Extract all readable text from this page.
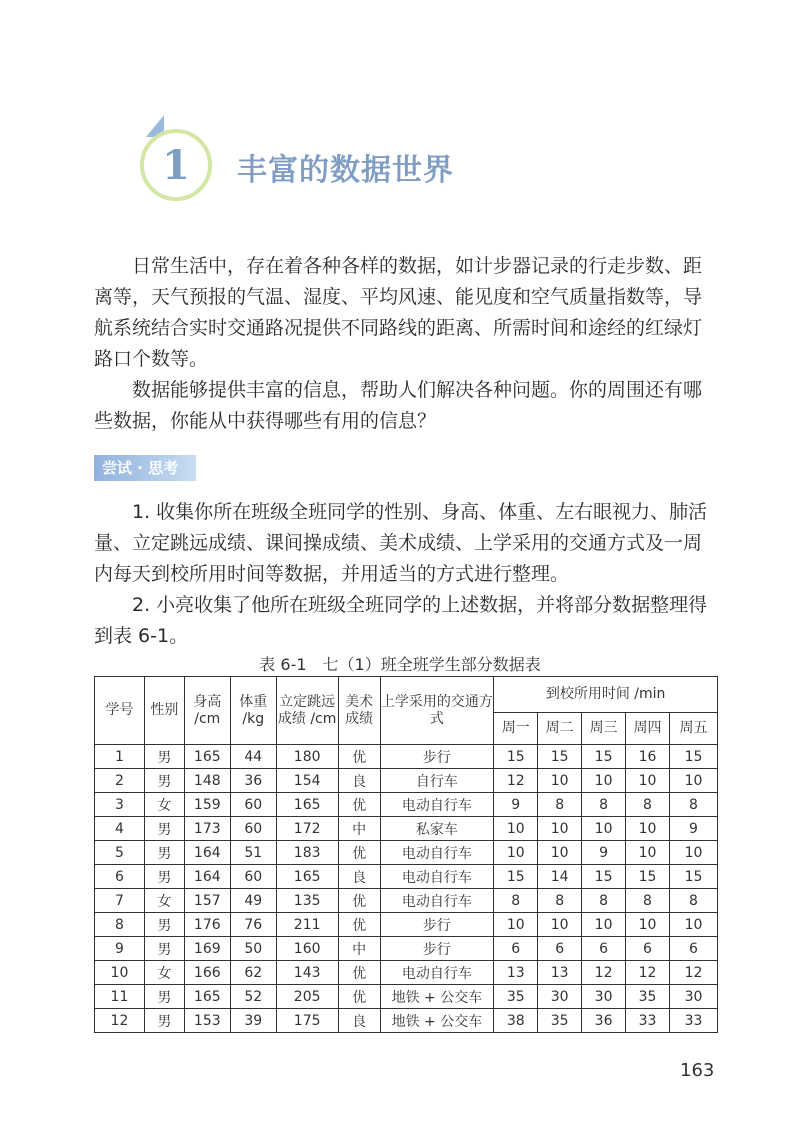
1 丰富的数据世界

日常生活中，存在着各种各样的数据，如计步器记录的行走步数、距离等，天气预报的气温、湿度、平均风速、能见度和空气质量指数等，导航系统结合实时交通路况提供不同路线的距离、所需时间和途经的红绿灯路口个数等。

数据能够提供丰富的信息，帮助人们解决各种问题。你的周围还有哪些数据，你能从中获得哪些有用的信息？

尝试 · 思考

1. 收集你所在班级全班同学的性别、身高、体重、左右眼视力、肺活量、立定跳远成绩、课间操成绩、美术成绩、上学采用的交通方式及一周内每天到校所用时间等数据，并用适当的方式进行整理。

2. 小亮收集了他所在班级全班同学的上述数据，并将部分数据整理得到表 6-1。

表 6-1　七（1）班全班学生部分数据表
学号	性别	身高 /cm	体重 /kg	立定跳远成绩 /cm	美术成绩	上学采用的交通方式	到校所用时间 /min				
							周一	周二	周三	周四	周五
1	男	165	44	180	优	步行	15	15	15	16	15
2	男	148	36	154	良	自行车	12	10	10	10	10
3	女	159	60	165	优	电动自行车	9	8	8	8	8
4	男	173	60	172	中	私家车	10	10	10	10	9
5	男	164	51	183	优	电动自行车	10	10	9	10	10
6	男	164	60	165	良	电动自行车	15	14	15	15	15
7	女	157	49	135	优	电动自行车	8	8	8	8	8
8	男	176	76	211	优	步行	10	10	10	10	10
9	男	169	50	160	中	步行	6	6	6	6	6
10	女	166	62	143	优	电动自行车	13	13	12	12	12
11	男	165	52	205	优	地铁 + 公交车	35	30	30	35	30
12	男	153	39	175	良	地铁 + 公交车	38	35	36	33	33
163
